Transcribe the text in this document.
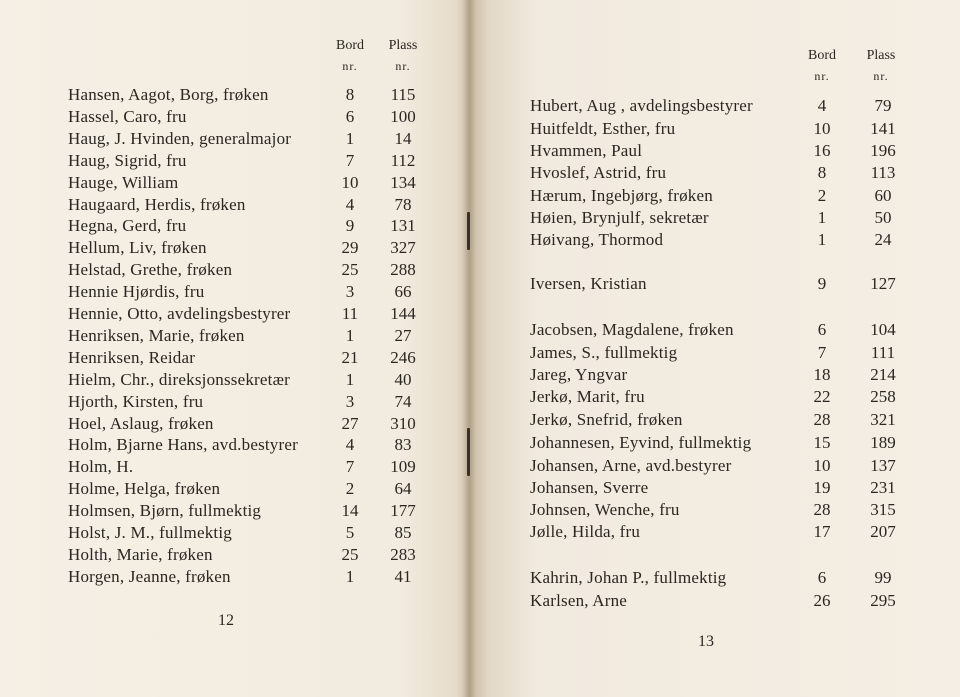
Bord
nr.
Plass
nr.
Hansen, Aagot, Borg, frøken	8	115
Hassel, Caro, fru	6	100
Haug, J. Hvinden, generalmajor	1	14
Haug, Sigrid, fru	7	112
Hauge, William	10	134
Haugaard, Herdis, frøken	4	78
Hegna, Gerd, fru	9	131
Hellum, Liv, frøken	29	327
Helstad, Grethe, frøken	25	288
Hennie Hjørdis, fru	3	66
Hennie, Otto, avdelingsbestyrer	11	144
Henriksen, Marie, frøken	1	27
Henriksen, Reidar	21	246
Hielm, Chr., direksjonssekretær	1	40
Hjorth, Kirsten, fru	3	74
Hoel, Aslaug, frøken	27	310
Holm, Bjarne Hans, avd.bestyrer	4	83
Holm, H.	7	109
Holme, Helga, frøken	2	64
Holmsen, Bjørn, fullmektig	14	177
Holst, J. M., fullmektig	5	85
Holth, Marie, frøken	25	283
Horgen, Jeanne, frøken	1	41
12
Bord
nr.
Plass
nr.
Hubert, Aug , avdelingsbestyrer	4	79
Huitfeldt, Esther, fru	10	141
Hvammen, Paul	16	196
Hvoslef, Astrid, fru	8	113
Hærum, Ingebjørg, frøken	2	60
Høien, Brynjulf, sekretær	1	50
Høivang, Thormod	1	24
Iversen, Kristian	9	127
Jacobsen, Magdalene, frøken	6	104
James, S., fullmektig	7	111
Jareg, Yngvar	18	214
Jerkø, Marit, fru	22	258
Jerkø, Snefrid, frøken	28	321
Johannesen, Eyvind, fullmektig	15	189
Johansen, Arne, avd.bestyrer	10	137
Johansen, Sverre	19	231
Johnsen, Wenche, fru	28	315
Jølle, Hilda, fru	17	207
Kahrin, Johan P., fullmektig	6	99
Karlsen, Arne	26	295
13
